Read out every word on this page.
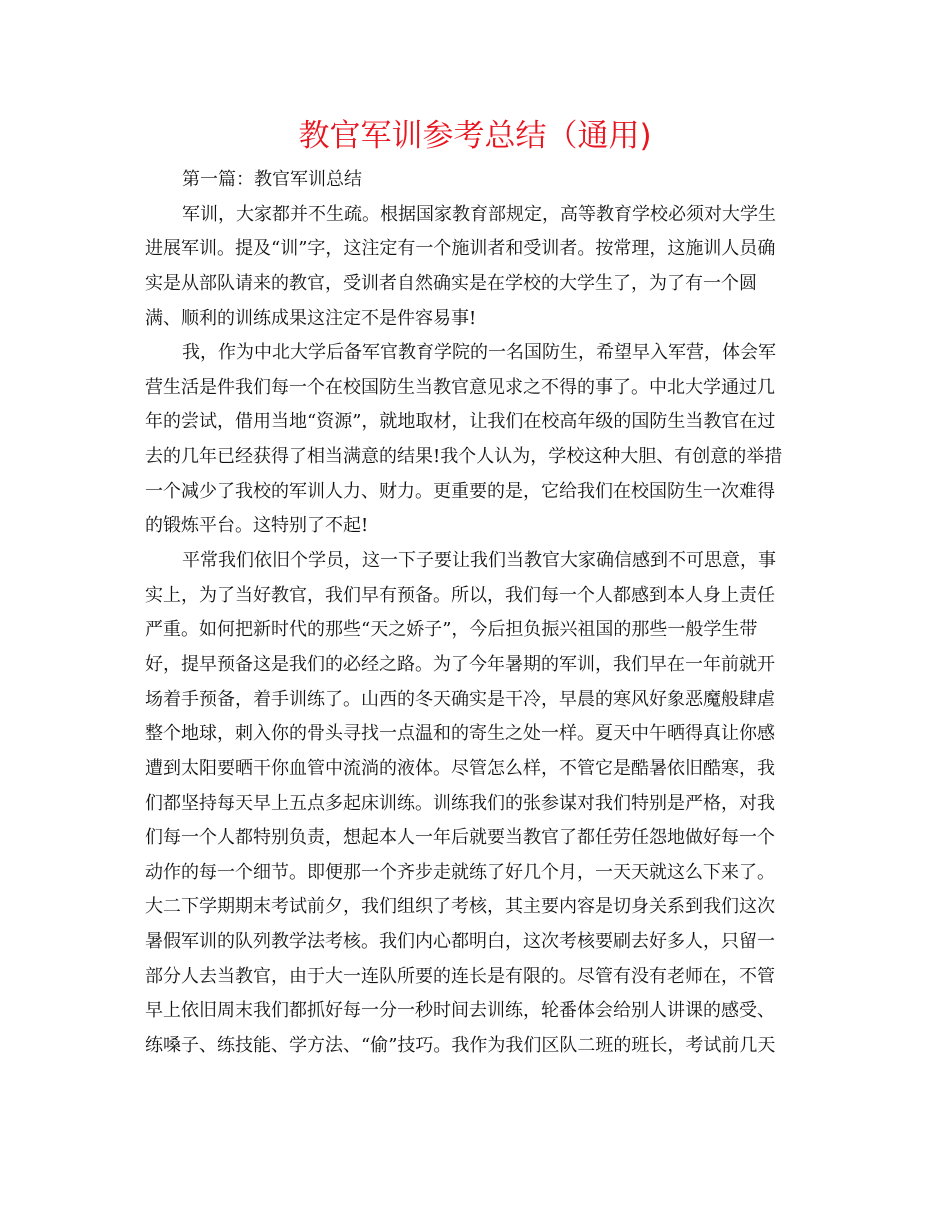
教官军训参考总结（通用)
第一篇：教官军训总结
军训，大家都并不生疏。根据国家教育部规定，高等教育学校必须对大学生
进展军训。提及“训”字，这注定有一个施训者和受训者。按常理，这施训人员确
实是从部队请来的教官，受训者自然确实是在学校的大学生了，为了有一个圆
满、顺利的训练成果这注定不是件容易事!
我，作为中北大学后备军官教育学院的一名国防生，希望早入军营，体会军
营生活是件我们每一个在校国防生当教官意见求之不得的事了。中北大学通过几
年的尝试，借用当地“资源”，就地取材，让我们在校高年级的国防生当教官在过
去的几年已经获得了相当满意的结果!我个人认为，学校这种大胆、有创意的举措
一个减少了我校的军训人力、财力。更重要的是，它给我们在校国防生一次难得
的锻炼平台。这特别了不起!
平常我们依旧个学员，这一下子要让我们当教官大家确信感到不可思意，事
实上，为了当好教官，我们早有预备。所以，我们每一个人都感到本人身上责任
严重。如何把新时代的那些“天之娇子”，今后担负振兴祖国的那些一般学生带
好，提早预备这是我们的必经之路。为了今年暑期的军训，我们早在一年前就开
场着手预备，着手训练了。山西的冬天确实是干冷，早晨的寒风好象恶魔般肆虐
整个地球，刺入你的骨头寻找一点温和的寄生之处一样。夏天中午晒得真让你感
遭到太阳要晒干你血管中流淌的液体。尽管怎么样，不管它是酷暑依旧酷寒，我
们都坚持每天早上五点多起床训练。训练我们的张参谋对我们特别是严格，对我
们每一个人都特别负责，想起本人一年后就要当教官了都任劳任怨地做好每一个
动作的每一个细节。即便那一个齐步走就练了好几个月，一天天就这么下来了。
大二下学期期末考试前夕，我们组织了考核，其主要内容是切身关系到我们这次
暑假军训的队列教学法考核。我们内心都明白，这次考核要刷去好多人，只留一
部分人去当教官，由于大一连队所要的连长是有限的。尽管有没有老师在，不管
早上依旧周末我们都抓好每一分一秒时间去训练，轮番体会给别人讲课的感受、
练嗓子、练技能、学方法、“偷”技巧。我作为我们区队二班的班长，考试前几天
